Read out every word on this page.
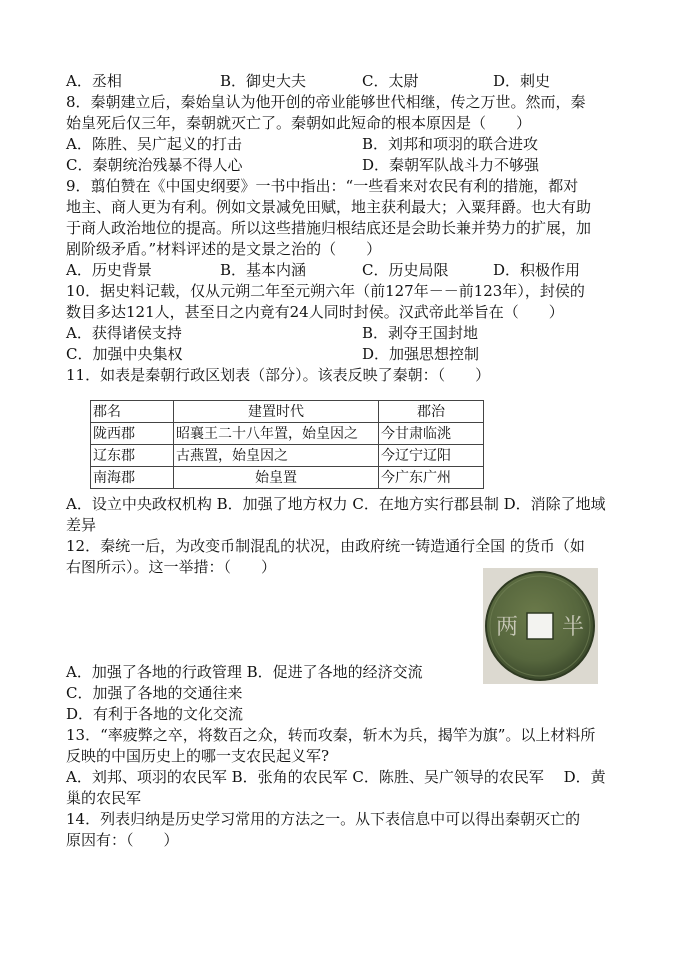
A．丞相	B．御史大夫	C．太尉	D．刺史
8．秦朝建立后，秦始皇认为他开创的帝业能够世代相继，传之万世。然而，秦
始皇死后仅三年，秦朝就灭亡了。秦朝如此短命的根本原因是（　　）
A．陈胜、吴广起义的打击	B．刘邦和项羽的联合进攻
C．秦朝统治残暴不得人心	D．秦朝军队战斗力不够强
9．翦伯赞在《中国史纲要》一书中指出：“一些看来对农民有利的措施，都对
地主、商人更为有利。例如文景减免田赋，地主获利最大；入粟拜爵。也大有助
于商人政治地位的提高。所以这些措施归根结底还是会助长兼并势力的扩展，加
剧阶级矛盾。”材料评述的是文景之治的（　　）
A．历史背景	B．基本内涵	C．历史局限	D．积极作用
10．据史料记载，仅从元朔二年至元朔六年（前127年－－前123年），封侯的
数目多达121人，甚至日之内竟有24人同时封侯。汉武帝此举旨在（　　）
A．获得诸侯支持	B．剥夺王国封地
C．加强中央集权	D．加强思想控制
11．如表是秦朝行政区划表（部分）。该表反映了秦朝：（　　）
郡名	建置时代	郡治
陇西郡	昭襄王二十八年置，始皇因之	今甘肃临洮
辽东郡	古燕置，始皇因之	今辽宁辽阳
南海郡	始皇置	今广东广州
A．设立中央政权机构 B．加强了地方权力 C．在地方实行郡县制 D．消除了地域
差异
12．秦统一后，为改变币制混乱的状况，由政府统一铸造通行全国 的货币（如
右图所示）。这一举措：（　　）
两 半
A．加强了各地的行政管理 B．促进了各地的经济交流
C．加强了各地的交通往来
D．有利于各地的文化交流
13．“率疲弊之卒，将数百之众，转而攻秦，斩木为兵，揭竿为旗”。以上材料所
反映的中国历史上的哪一支农民起义军?
A．刘邦、项羽的农民军 B．张角的农民军 C．陈胜、吴广领导的农民军　 D．黄
巢的农民军
14．列表归纳是历史学习常用的方法之一。从下表信息中可以得出秦朝灭亡的
原因有：（　　）
